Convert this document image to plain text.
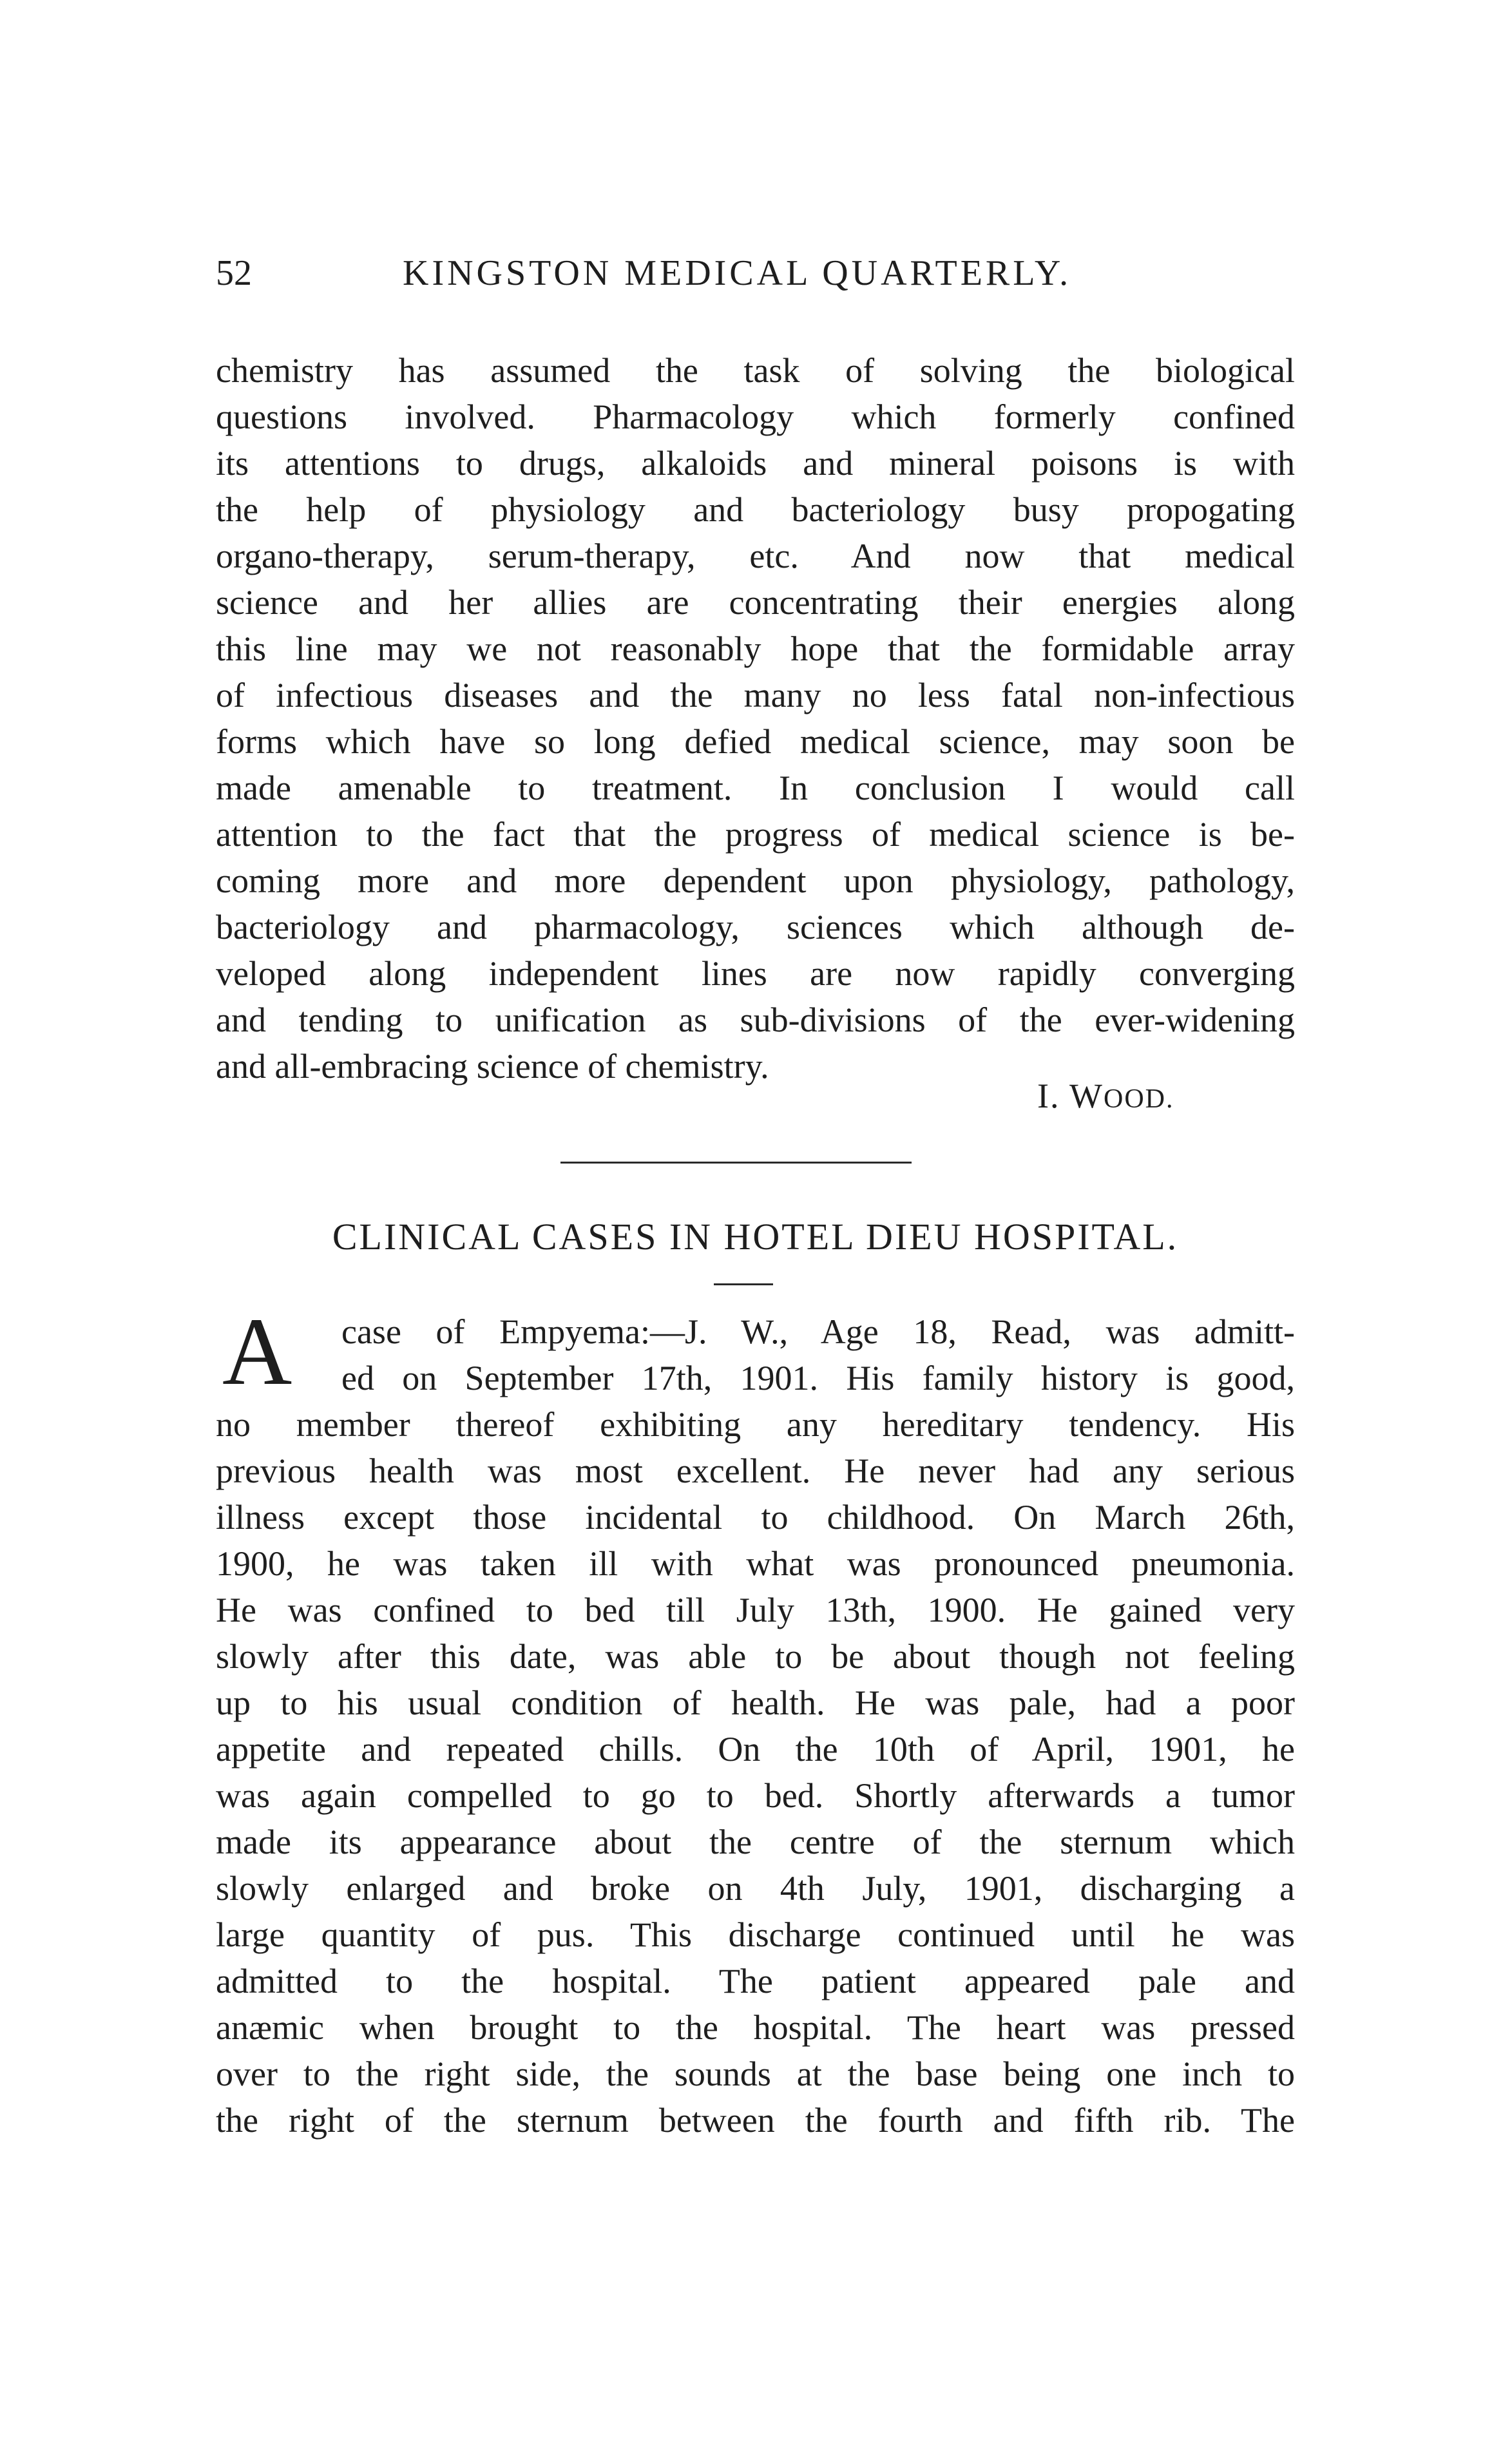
52	KINGSTON MEDICAL QUARTERLY.
chemistry has assumed the task of solving the biological
questions involved. Pharmacology which formerly confined
its attentions to drugs, alkaloids and mineral poisons is with
the help of physiology and bacteriology busy propogating
organo-therapy, serum-therapy, etc. And now that medical
science and her allies are concentrating their energies along
this line may we not reasonably hope that the formidable array
of infectious diseases and the many no less fatal non-infectious
forms which have so long defied medical science, may soon be
made amenable to treatment. In conclusion I would call
attention to the fact that the progress of medical science is be-
coming more and more dependent upon physiology, pathology,
bacteriology and pharmacology, sciences which although de-
veloped along independent lines are now rapidly converging
and tending to unification as sub-divisions of the ever-widening
and all-embracing science of chemistry.
I. WOOD.
CLINICAL CASES IN HOTEL DIEU HOSPITAL.
A case of Empyema:—J. W., Age 18, Read, was admitt-
ed on September 17th, 1901. His family history is good,
no member thereof exhibiting any hereditary tendency. His
previous health was most excellent. He never had any serious
illness except those incidental to childhood. On March 26th,
1900, he was taken ill with what was pronounced pneumonia.
He was confined to bed till July 13th, 1900. He gained very
slowly after this date, was able to be about though not feeling
up to his usual condition of health. He was pale, had a poor
appetite and repeated chills. On the 10th of April, 1901, he
was again compelled to go to bed. Shortly afterwards a tumor
made its appearance about the centre of the sternum which
slowly enlarged and broke on 4th July, 1901, discharging a
large quantity of pus. This discharge continued until he was
admitted to the hospital. The patient appeared pale and
anæmic when brought to the hospital. The heart was pressed
over to the right side, the sounds at the base being one inch to
the right of the sternum between the fourth and fifth rib. The
